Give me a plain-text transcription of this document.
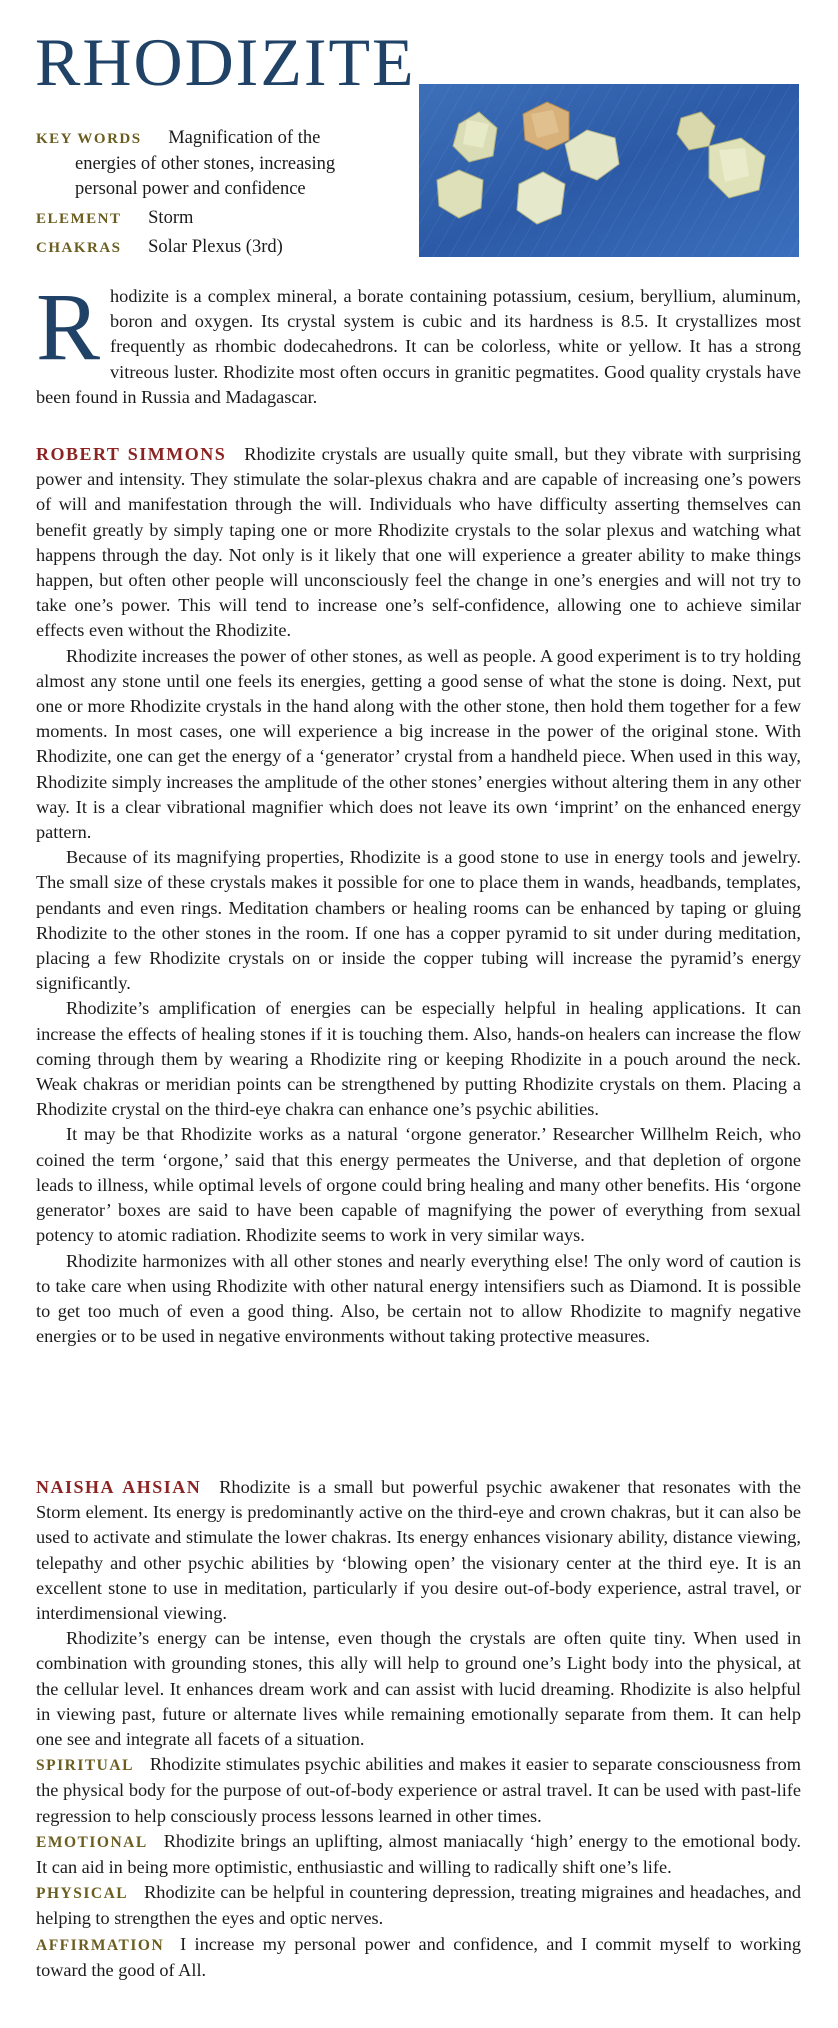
RHODIZITE
KEY WORDS Magnification of the
energies of other stones, increasing
personal power and confidence
ELEMENT Storm
CHAKRAS Solar Plexus (3rd)

Rhodizite is a complex mineral, a borate containing potassium, cesium, beryllium, aluminum, boron and oxygen. Its crystal system is cubic and its hardness is 8.5. It crystallizes most frequently as rhombic dodecahedrons. It can be colorless, white or yellow. It has a strong vitreous luster. Rhodizite most often occurs in granitic pegmatites. Good quality crystals have been found in Russia and Madagascar.

ROBERT SIMMONS Rhodizite crystals are usually quite small, but they vibrate with surprising power and intensity. They stimulate the solar-plexus chakra and are capable of increasing one’s powers of will and manifestation through the will. Individuals who have difficulty asserting themselves can benefit greatly by simply taping one or more Rhodizite crystals to the solar plexus and watching what happens through the day. Not only is it likely that one will experience a greater ability to make things happen, but often other people will unconsciously feel the change in one’s energies and will not try to take one’s power. This will tend to increase one’s self-confidence, allowing one to achieve similar effects even without the Rhodizite.

Rhodizite increases the power of other stones, as well as people. A good experiment is to try holding almost any stone until one feels its energies, getting a good sense of what the stone is doing. Next, put one or more Rhodizite crystals in the hand along with the other stone, then hold them together for a few moments. In most cases, one will experience a big increase in the power of the original stone. With Rhodizite, one can get the energy of a ‘generator’ crystal from a handheld piece. When used in this way, Rhodizite simply increases the amplitude of the other stones’ energies without altering them in any other way. It is a clear vibrational magnifier which does not leave its own ‘imprint’ on the enhanced energy pattern.

Because of its magnifying properties, Rhodizite is a good stone to use in energy tools and jewelry. The small size of these crystals makes it possible for one to place them in wands, headbands, templates, pendants and even rings. Meditation chambers or healing rooms can be enhanced by taping or gluing Rhodizite to the other stones in the room. If one has a copper pyramid to sit under during meditation, placing a few Rhodizite crystals on or inside the copper tubing will increase the pyramid’s energy significantly.

Rhodizite’s amplification of energies can be especially helpful in healing applications. It can increase the effects of healing stones if it is touching them. Also, hands-on healers can increase the flow coming through them by wearing a Rhodizite ring or keeping Rhodizite in a pouch around the neck. Weak chakras or meridian points can be strengthened by putting Rhodizite crystals on them. Placing a Rhodizite crystal on the third-eye chakra can enhance one’s psychic abilities.

It may be that Rhodizite works as a natural ‘orgone generator.’ Researcher Willhelm Reich, who coined the term ‘orgone,’ said that this energy permeates the Universe, and that depletion of orgone leads to illness, while optimal levels of orgone could bring healing and many other benefits. His ‘orgone generator’ boxes are said to have been capable of magnifying the power of everything from sexual potency to atomic radiation. Rhodizite seems to work in very similar ways.

Rhodizite harmonizes with all other stones and nearly everything else! The only word of caution is to take care when using Rhodizite with other natural energy intensifiers such as Diamond. It is possible to get too much of even a good thing. Also, be certain not to allow Rhodizite to magnify negative energies or to be used in negative environments without taking protective measures.

NAISHA AHSIAN Rhodizite is a small but powerful psychic awakener that resonates with the Storm element. Its energy is predominantly active on the third-eye and crown chakras, but it can also be used to activate and stimulate the lower chakras. Its energy enhances visionary ability, distance viewing, telepathy and other psychic abilities by ‘blowing open’ the visionary center at the third eye. It is an excellent stone to use in meditation, particularly if you desire out-of-body experience, astral travel, or interdimensional viewing.

Rhodizite’s energy can be intense, even though the crystals are often quite tiny. When used in combination with grounding stones, this ally will help to ground one’s Light body into the physical, at the cellular level. It enhances dream work and can assist with lucid dreaming. Rhodizite is also helpful in viewing past, future or alternate lives while remaining emotionally separate from them. It can help one see and integrate all facets of a situation.

SPIRITUAL Rhodizite stimulates psychic abilities and makes it easier to separate consciousness from the physical body for the purpose of out-of-body experience or astral travel. It can be used with past-life regression to help consciously process lessons learned in other times.

EMOTIONAL Rhodizite brings an uplifting, almost maniacally ‘high’ energy to the emotional body. It can aid in being more optimistic, enthusiastic and willing to radically shift one’s life.

PHYSICAL Rhodizite can be helpful in countering depression, treating migraines and headaches, and helping to strengthen the eyes and optic nerves.

AFFIRMATION I increase my personal power and confidence, and I commit myself to working toward the good of All.
